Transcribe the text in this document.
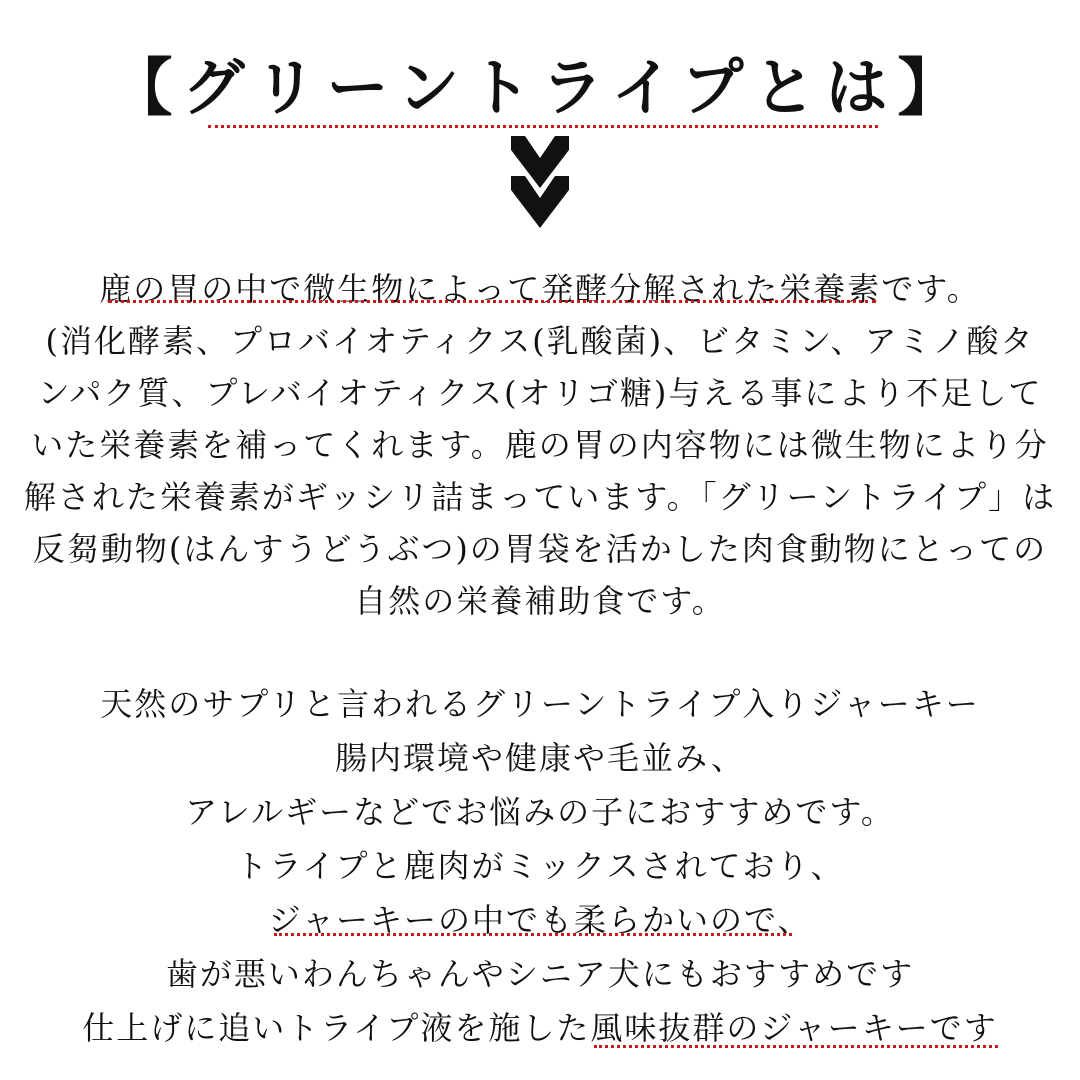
【グリーントライプとは】
鹿の胃の中で微生物によって発酵分解された栄養素です。
(消化酵素、プロバイオティクス(乳酸菌)、ビタミン、アミノ酸タ
ンパク質、プレバイオティクス(オリゴ糖)与える事により不足して
いた栄養素を補ってくれます。鹿の胃の内容物には微生物により分
解された栄養素がギッシリ詰まっています。「グリーントライプ」は
反芻動物(はんすうどうぶつ)の胃袋を活かした肉食動物にとっての
自然の栄養補助食です。
天然のサプリと言われるグリーントライプ入りジャーキー
腸内環境や健康や毛並み、
アレルギーなどでお悩みの子におすすめです。
トライプと鹿肉がミックスされており、
ジャーキーの中でも柔らかいので、
歯が悪いわんちゃんやシニア犬にもおすすめです
仕上げに追いトライプ液を施した風味抜群のジャーキーです
